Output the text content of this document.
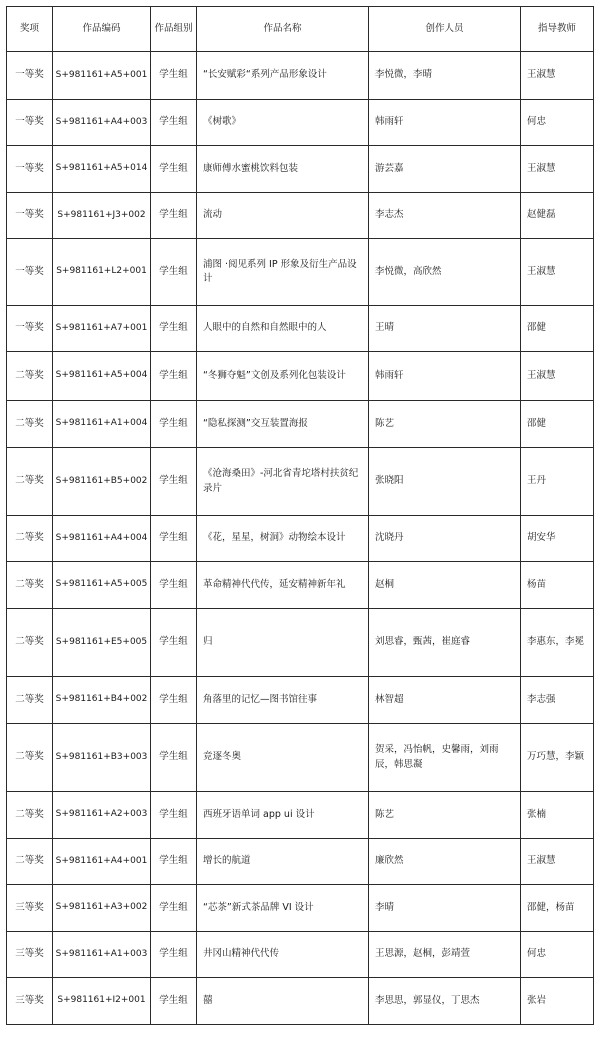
奖项	作品编码	作品组别	作品名称	创作人员	指导教师
一等奖	S+981161+A5+001	学生组	“长安赋彩“系列产品形象设计	李悦微，李晴	王淑慧
一等奖	S+981161+A4+003	学生组	《树歌》	韩雨轩	何忠
一等奖	S+981161+A5+014	学生组	康师傅水蜜桃饮料包装	游芸嘉	王淑慧
一等奖	S+981161+J3+002	学生组	流动	李志杰	赵健磊
一等奖	S+981161+L2+001	学生组	浦图 ·阅见系列 IP 形象及衍生产品设计	李悦微，高欣然	王淑慧
一等奖	S+981161+A7+001	学生组	人眼中的自然和自然眼中的人	王晴	邵健
二等奖	S+981161+A5+004	学生组	“冬狮夺魁”文创及系列化包装设计	韩雨轩	王淑慧
二等奖	S+981161+A1+004	学生组	“隐私探测”交互装置海报	陈艺	邵健
二等奖	S+981161+B5+002	学生组	《沧海桑田》-河北省青坨塔村扶贫纪录片	张晓阳	王丹
二等奖	S+981161+A4+004	学生组	《花，星星，树洞》动物绘本设计	沈晓丹	胡安华
二等奖	S+981161+A5+005	学生组	革命精神代代传，延安精神新年礼	赵桐	杨苗
二等奖	S+981161+E5+005	学生组	归	刘思睿，甄茜，崔庭睿	李惠东，李冕
二等奖	S+981161+B4+002	学生组	角落里的记忆—图书馆往事	林智超	李志强
二等奖	S+981161+B3+003	学生组	竞逐冬奥	贺采，冯怡帆，史馨雨，刘雨辰，韩思凝	万巧慧，李颖
二等奖	S+981161+A2+003	学生组	西班牙语单词 app ui 设计	陈艺	张楠
二等奖	S+981161+A4+001	学生组	增长的航道	廉欣然	王淑慧
三等奖	S+981161+A3+002	学生组	“芯茶”新式茶品牌 VI 设计	李晴	邵健，杨苗
三等奖	S+981161+A1+003	学生组	井冈山精神代代传	王思源，赵桐，彭靖萱	何忠
三等奖	S+981161+I2+001	学生组	囍	李思思，郭显仪，丁思杰	张岩
